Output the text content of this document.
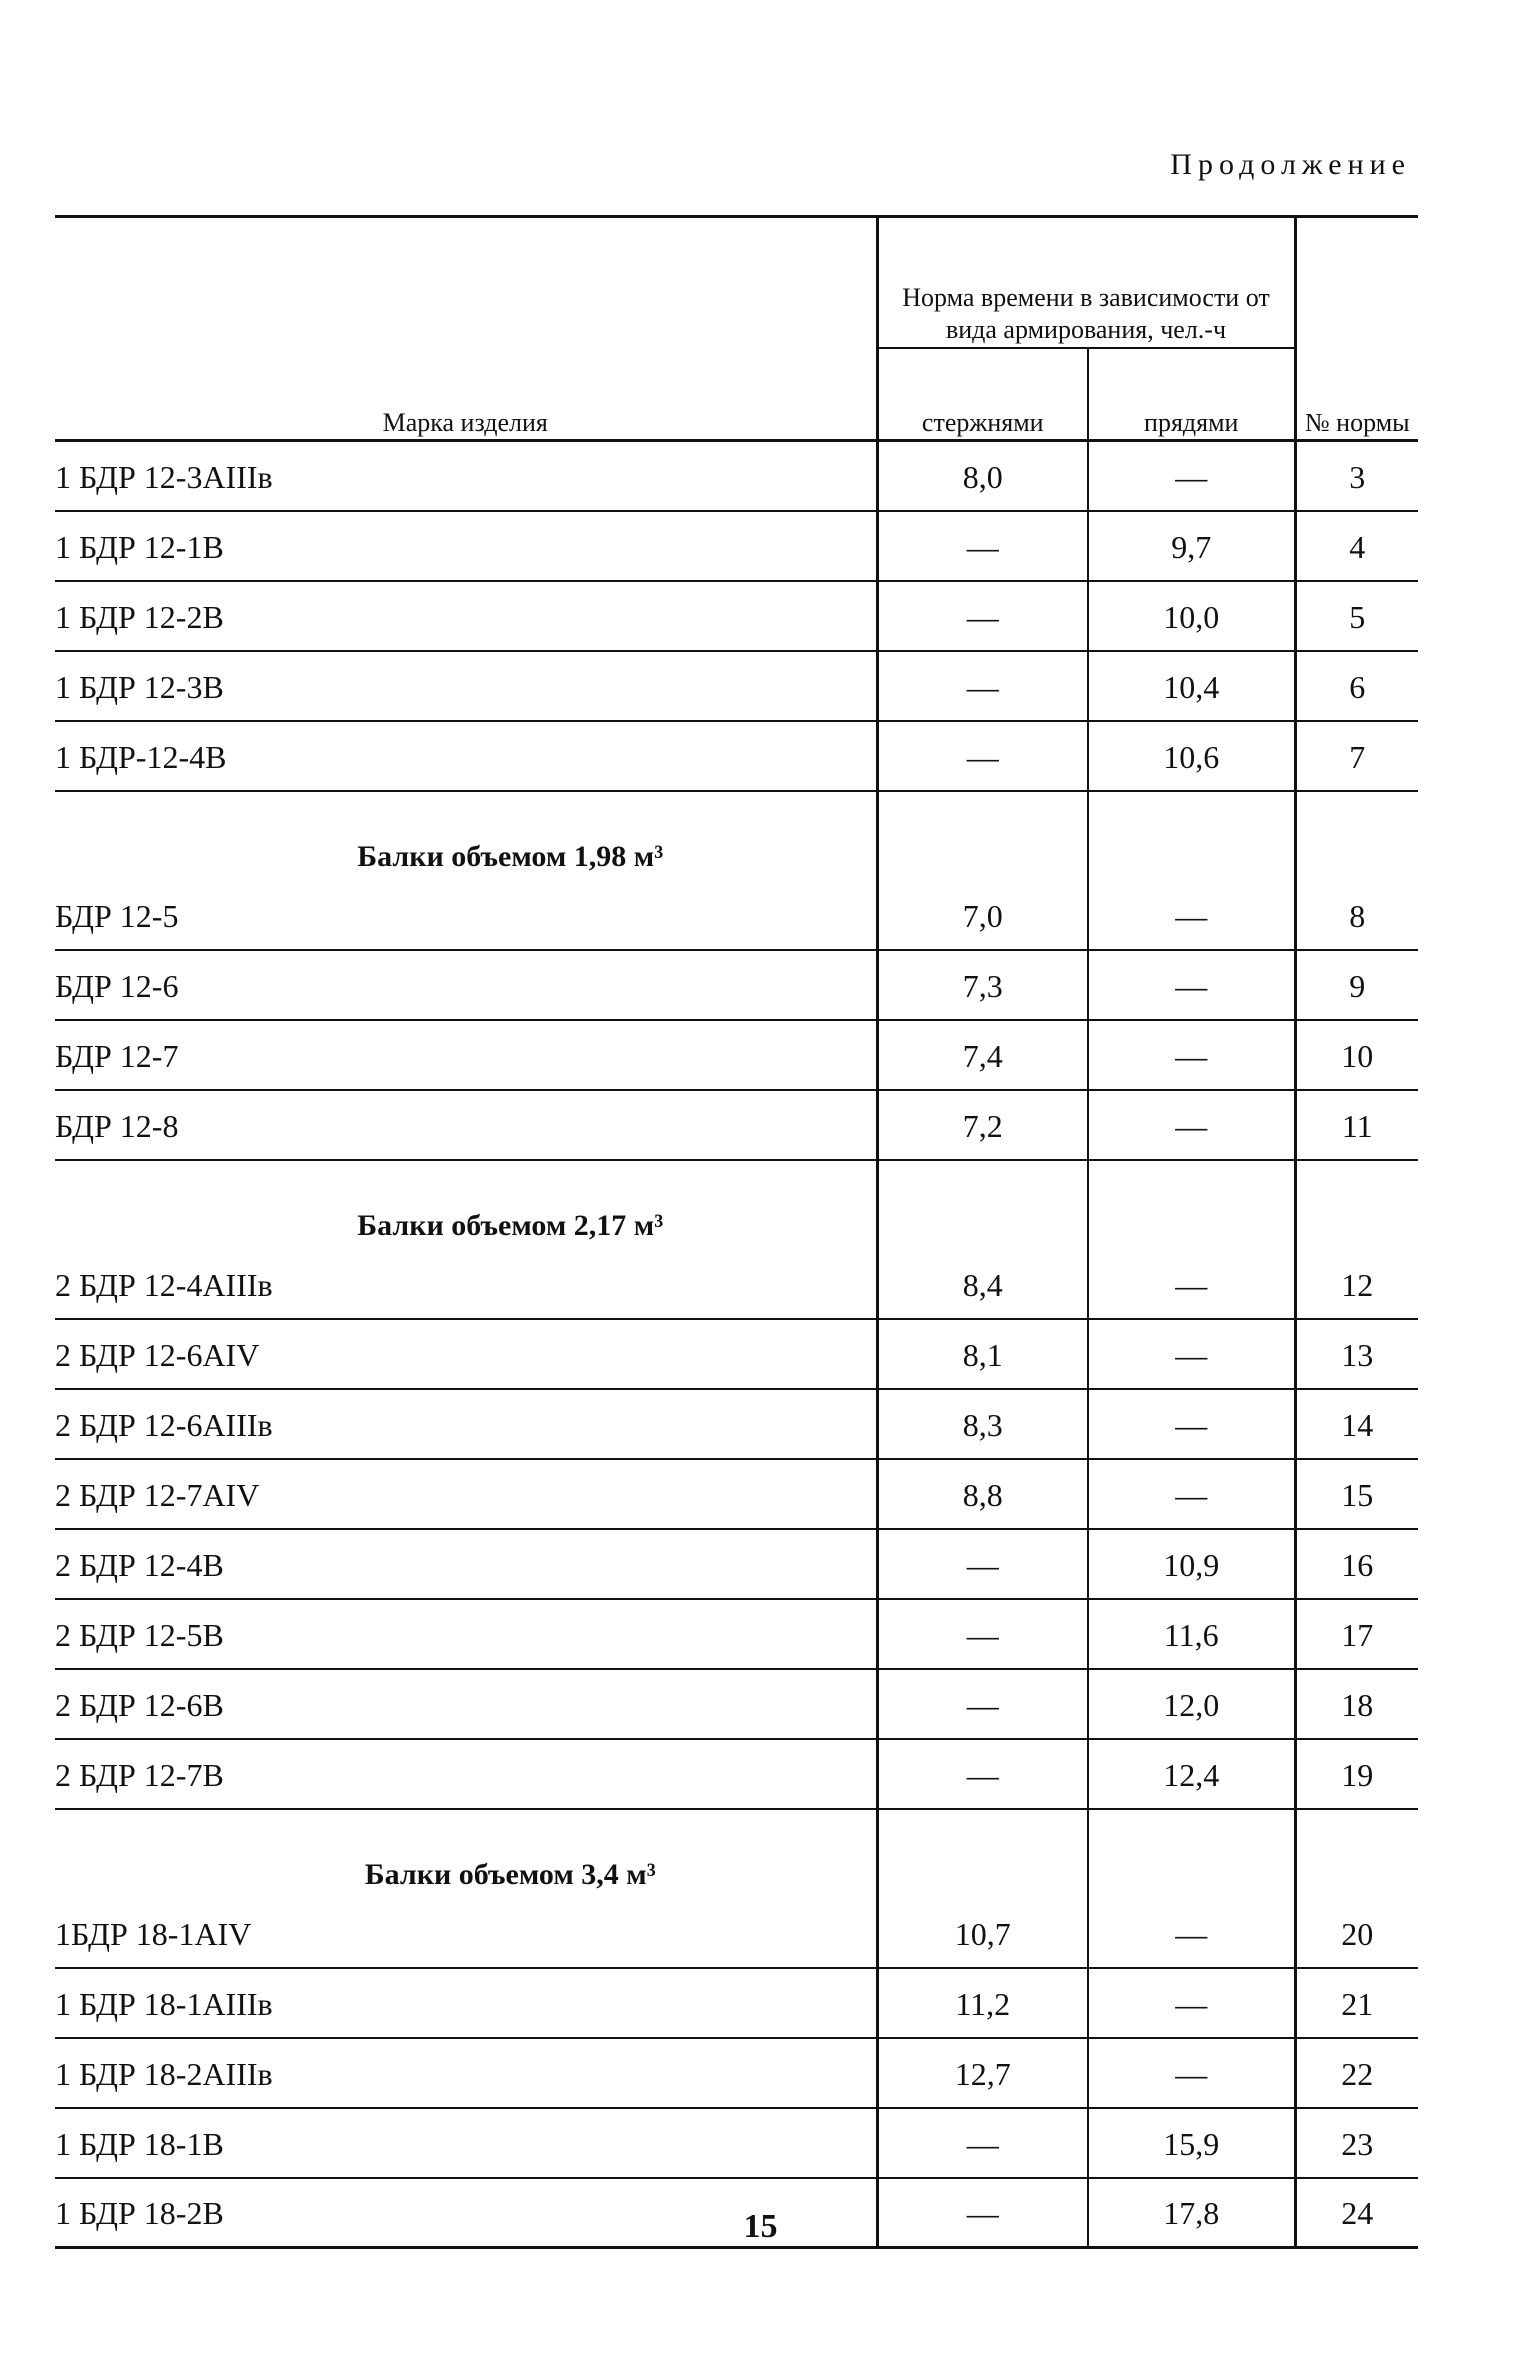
Продолжение
Марка изделия	Норма времени в зависимости от вида армирования, чел.-ч		№ нормы
	стержнями	прядями	
1 БДР 12-3АIIIв	8,0	—	3
1 БДР 12-1В	—	9,7	4
1 БДР 12-2В	—	10,0	5
1 БДР 12-3В	—	10,4	6
1 БДР-12-4В	—	10,6	7
Балки объемом 1,98 м³			
БДР 12-5	7,0	—	8
БДР 12-6	7,3	—	9
БДР 12-7	7,4	—	10
БДР 12-8	7,2	—	11
Балки объемом 2,17 м³			
2 БДР 12-4АIIIв	8,4	—	12
2 БДР 12-6АIV	8,1	—	13
2 БДР 12-6АIIIв	8,3	—	14
2 БДР 12-7АIV	8,8	—	15
2 БДР 12-4В	—	10,9	16
2 БДР 12-5В	—	11,6	17
2 БДР 12-6В	—	12,0	18
2 БДР 12-7В	—	12,4	19
Балки объемом 3,4 м³			
1БДР 18-1АIV	10,7	—	20
1 БДР 18-1АIIIв	11,2	—	21
1 БДР 18-2АIIIв	12,7	—	22
1 БДР 18-1В	—	15,9	23
1 БДР 18-2В	—	17,8	24
15
